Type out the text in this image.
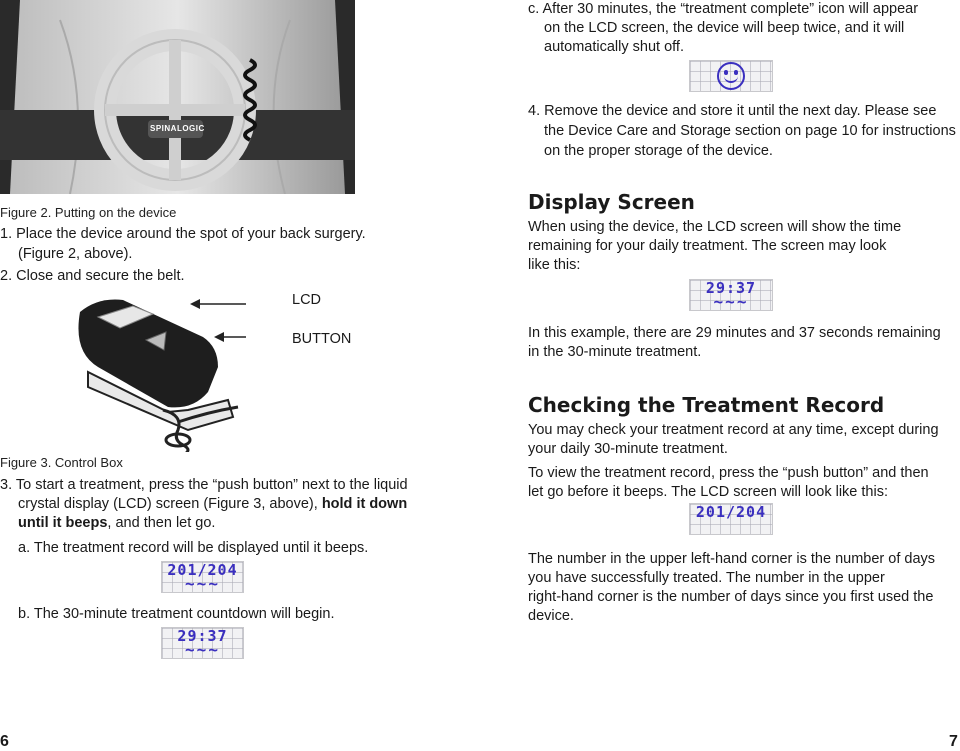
SPINALOGIC
Figure 2. Putting on the device
1. Place the device around the spot of your back surgery.
(Figure 2, above).
2. Close and secure the belt.
LCD
BUTTON
Figure 3. Control Box
3. To start a treatment, press the “push button” next to the liquid
crystal display (LCD) screen (Figure 3, above), hold it down
until it beeps, and then let go.
a. The treatment record will be displayed until it beeps.
201/204
~~~
b. The 30-minute treatment countdown will begin.
29:37
~~~
6
c. After 30 minutes, the “treatment complete” icon will appear
on the LCD screen, the device will beep twice, and it will
automatically shut off.
4. Remove the device and store it until the next day. Please see
the Device Care and Storage section on page 10 for instructions
on the proper storage of the device.
Display Screen
When using the device, the LCD screen will show the time
remaining for your daily treatment. The screen may look
like this:
29:37
~~~
In this example, there are 29 minutes and 37 seconds remaining
in the 30-minute treatment.
Checking the Treatment Record
You may check your treatment record at any time, except during
your daily 30-minute treatment.
To view the treatment record, press the “push button” and then
let go before it beeps. The LCD screen will look like this:
201/204
The number in the upper left-hand corner is the number of days
you have successfully treated. The number in the upper
right-hand corner is the number of days since you first used the
device.
7
